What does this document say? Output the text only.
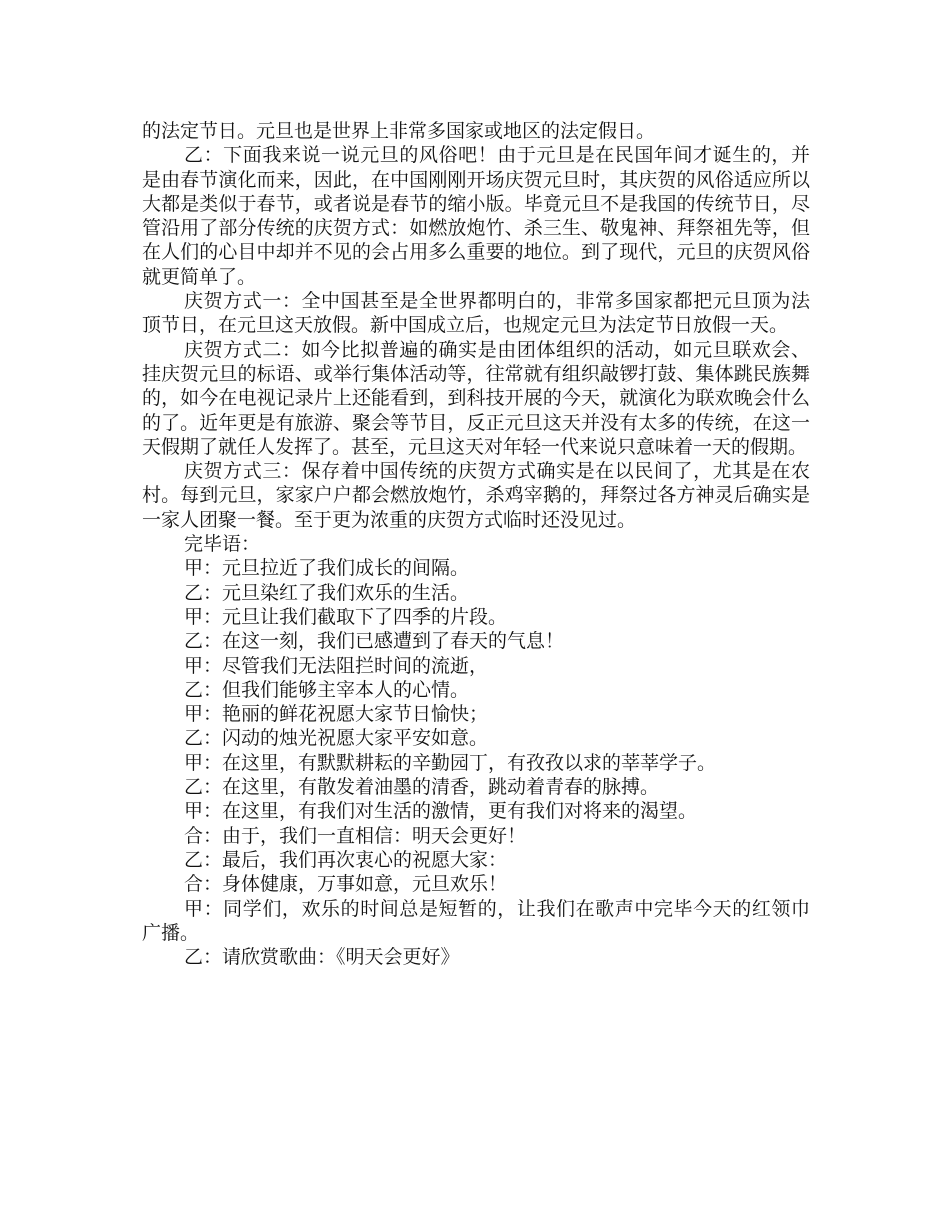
的法定节日。元旦也是世界上非常多国家或地区的法定假日。

乙：下面我来说一说元旦的风俗吧！由于元旦是在民国年间才诞生的，并是由春节演化而来，因此，在中国刚刚开场庆贺元旦时，其庆贺的风俗适应所以大都是类似于春节，或者说是春节的缩小版。毕竟元旦不是我国的传统节日，尽管沿用了部分传统的庆贺方式：如燃放炮竹、杀三生、敬鬼神、拜祭祖先等，但在人们的心目中却并不见的会占用多么重要的地位。到了现代，元旦的庆贺风俗就更简单了。

庆贺方式一：全中国甚至是全世界都明白的，非常多国家都把元旦顶为法顶节日，在元旦这天放假。新中国成立后，也规定元旦为法定节日放假一天。

庆贺方式二：如今比拟普遍的确实是由团体组织的活动，如元旦联欢会、挂庆贺元旦的标语、或举行集体活动等，往常就有组织敲锣打鼓、集体跳民族舞的，如今在电视记录片上还能看到，到科技开展的今天，就演化为联欢晚会什么的了。近年更是有旅游、聚会等节目，反正元旦这天并没有太多的传统，在这一天假期了就任人发挥了。甚至，元旦这天对年轻一代来说只意味着一天的假期。

庆贺方式三：保存着中国传统的庆贺方式确实是在以民间了，尤其是在农村。每到元旦，家家户户都会燃放炮竹，杀鸡宰鹅的，拜祭过各方神灵后确实是一家人团聚一餐。至于更为浓重的庆贺方式临时还没见过。

完毕语：

甲：元旦拉近了我们成长的间隔。

乙：元旦染红了我们欢乐的生活。

甲：元旦让我们截取下了四季的片段。

乙：在这一刻，我们已感遭到了春天的气息！

甲：尽管我们无法阻拦时间的流逝，

乙：但我们能够主宰本人的心情。

甲：艳丽的鲜花祝愿大家节日愉快；

乙：闪动的烛光祝愿大家平安如意。

甲：在这里，有默默耕耘的辛勤园丁，有孜孜以求的莘莘学子。

乙：在这里，有散发着油墨的清香，跳动着青春的脉搏。

甲：在这里，有我们对生活的激情，更有我们对将来的渴望。

合：由于，我们一直相信：明天会更好！

乙：最后，我们再次衷心的祝愿大家：

合：身体健康，万事如意，元旦欢乐！

甲：同学们，欢乐的时间总是短暂的，让我们在歌声中完毕今天的红领巾广播。

乙：请欣赏歌曲：《明天会更好》
